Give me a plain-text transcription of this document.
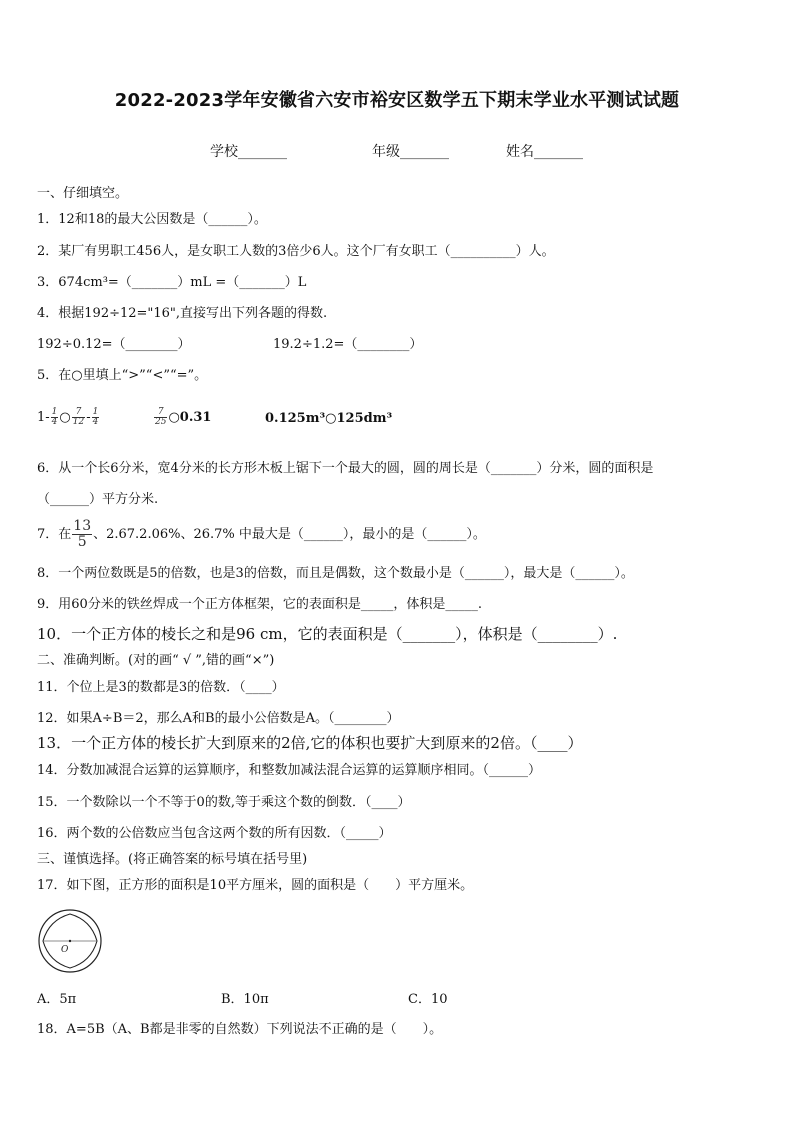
2022-2023学年安徽省六安市裕安区数学五下期末学业水平测试试题
学校_______	年级_______	姓名_______
一、仔细填空。
1．12和18的最大公因数是（______）。
2．某厂有男职工456人，是女职工人数的3倍少6人。这个厂有女职工（__________）人。
3．674cm³=（_______）mL =（_______）L
4．根据192÷12="16",直接写出下列各题的得数.
192÷0.12=（________）	19.2÷1.2=（________）
5．在○里填上“>”“<”“=”。
$1- \frac{1}{4}$ ○ $\frac{7}{12} - \frac{1}{4}$	$\frac{7}{25}$ ○0.31	0.125m³○125dm³
6．从一个长6分米，宽4分米的长方形木板上锯下一个最大的圆，圆的周长是（_______）分米，圆的面积是
（______）平方分米.
7．在 $\frac{13}{5}$ 、2.67.2.06%、26.7% 中最大是（______），最小的是（______）。
8．一个两位数既是5的倍数，也是3的倍数，而且是偶数，这个数最小是（______），最大是（______）。
9．用60分米的铁丝焊成一个正方体框架，它的表面积是_____，体积是_____.
10．一个正方体的棱长之和是96 cm，它的表面积是（_______），体积是（________）.
二、准确判断。(对的画“ √ ”,错的画“×”)
11．个位上是3的数都是3的倍数．（____）
12．如果A÷B＝2，那么A和B的最小公倍数是A。（________）
13．一个正方体的棱长扩大到原来的2倍,它的体积也要扩大到原来的2倍。（____）
14．分数加减混合运算的运算顺序，和整数加减法混合运算的运算顺序相同。（______）
15．一个数除以一个不等于0的数,等于乘这个数的倒数．（____）
16．两个数的公倍数应当包含这两个数的所有因数．（_____）
三、谨慎选择。(将正确答案的标号填在括号里)
17．如下图，正方形的面积是10平方厘米，圆的面积是（　　）平方厘米。
O
A．5π	B．10π	C．10
18．A=5B（A、B都是非零的自然数）下列说法不正确的是（　　）。
